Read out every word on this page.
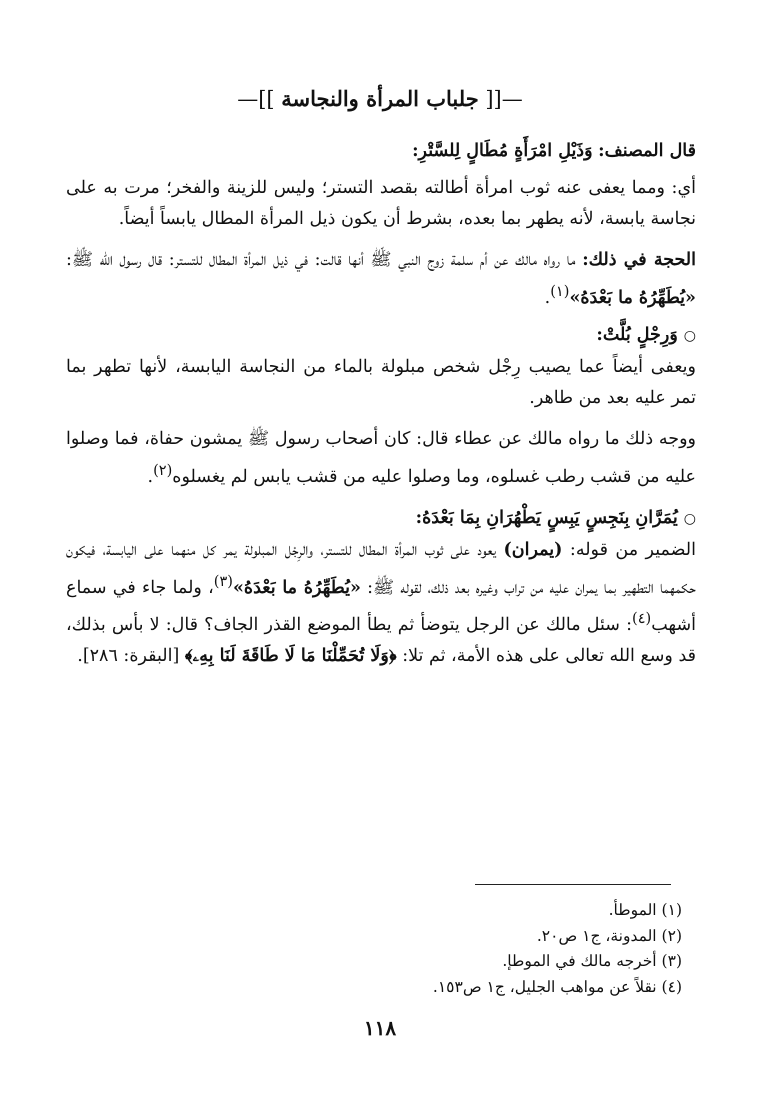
—[[ جلباب المرأة والنجاسة ]]—

قال المصنف: وَذَيْلِ امْرَأَةٍ مُطَالٍ لِلسَّتْرِ:

أي: ومما يعفى عنه ثوب امرأة أطالته بقصد التستر؛ وليس للزينة والفخر؛ مرت به على نجاسة يابسة، لأنه يطهر بما بعده، بشرط أن يكون ذيل المرأة المطال يابساً أيضاً.

الحجة في ذلك: ما رواه مالك عن أم سلمة زوج النبي ﷺ أنها قالت: في ذيل المرأة المطال للتستر: قال رسول الله ﷺ: «يُطَهِّرُهُ ما بَعْدَهُ»$^{(١)}$.

○وَرِجْلٍ بُلَّتْ:

ويعفى أيضاً عما يصيب رِجْل شخص مبلولة بالماء من النجاسة اليابسة، لأنها تطهر بما تمر عليه بعد من طاهر.

ووجه ذلك ما رواه مالك عن عطاء قال: كان أصحاب رسول ﷺ يمشون حفاة، فما وصلوا عليه من قشب رطب غسلوه، وما وصلوا عليه من قشب يابس لم يغسلوه$^{(٢)}$.

○يُمَرَّانِ بِنَجِسٍ يَبِسٍ يَطْهُرَانِ بِمَا بَعْدَهُ:

الضمير من قوله: (يمران) يعود على ثوب المرأة المطال للتستر، والرِجْل المبلولة يمر كل منهما على اليابسة، فيكون حكمهما التطهير بما يمران عليه من تراب وغيره بعد ذلك، لقوله ﷺ: «يُطَهِّرُهُ ما بَعْدَهُ»$^{(٣)}$، ولما جاء في سماع أشهب$^{(٤)}$: سئل مالك عن الرجل يتوضأ ثم يطأ الموضع القذر الجاف؟ قال: لا بأس بذلك، قد وسع الله تعالى على هذه الأمة، ثم تلا: ﴿وَلَا تُحَمِّلْنَا مَا لَا طَاقَةَ لَنَا بِهِۦ﴾ [البقرة: ٢٨٦].

(١) الموطأ.

(٢) المدونة، ج١ ص٢٠.

(٣) أخرجه مالك في الموطإ.

(٤) نقلاً عن مواهب الجليل، ج١ ص١٥٣.

١١٨
